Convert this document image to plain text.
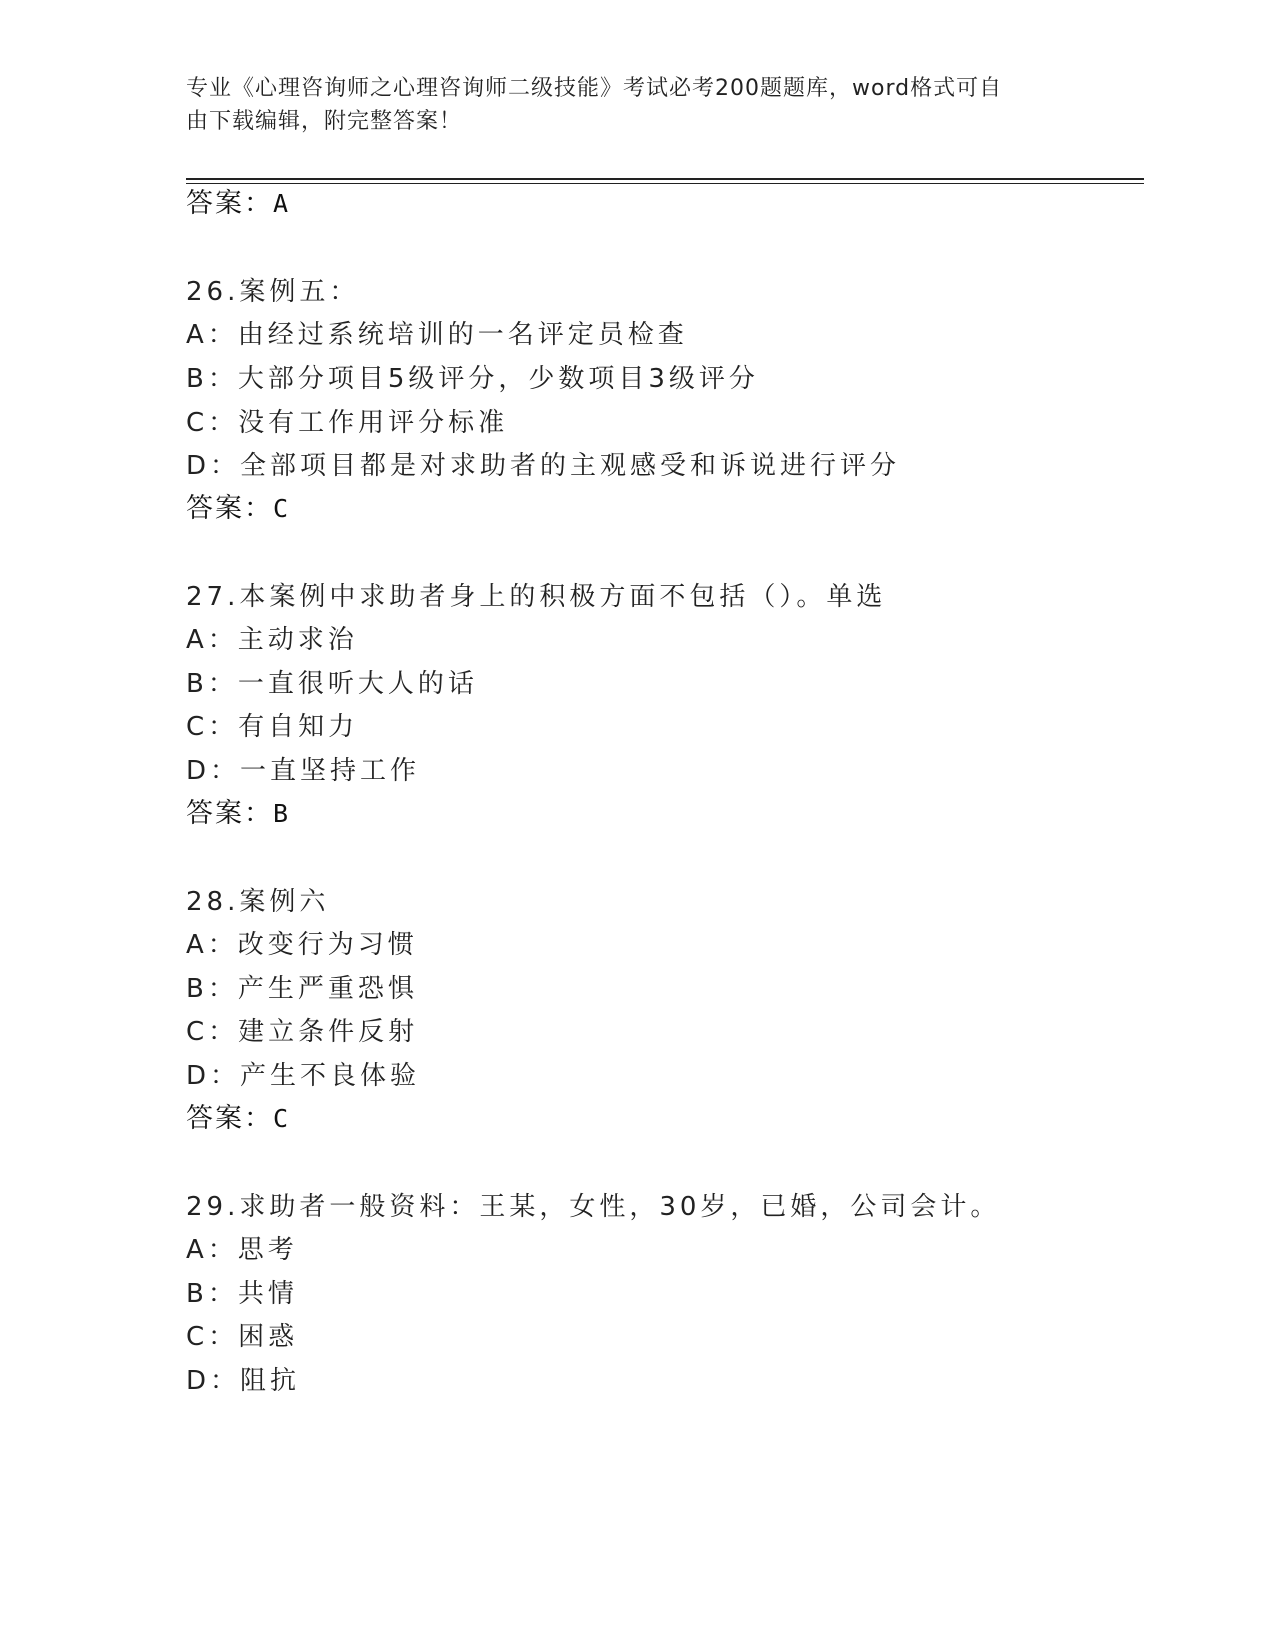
专业《心理咨询师之心理咨询师二级技能》考试必考200题题库，word格式可自
由下载编辑，附完整答案！
答案：A
26.案例五：
A：由经过系统培训的一名评定员检查
B：大部分项目5级评分，少数项目3级评分
C：没有工作用评分标准
D：全部项目都是对求助者的主观感受和诉说进行评分
答案：C
27.本案例中求助者身上的积极方面不包括（）。单选
A：主动求治
B：一直很听大人的话
C：有自知力
D：一直坚持工作
答案：B
28.案例六
A：改变行为习惯
B：产生严重恐惧
C：建立条件反射
D：产生不良体验
答案：C
29.求助者一般资料：王某，女性，30岁，已婚，公司会计。
A：思考
B：共情
C：困惑
D：阻抗
